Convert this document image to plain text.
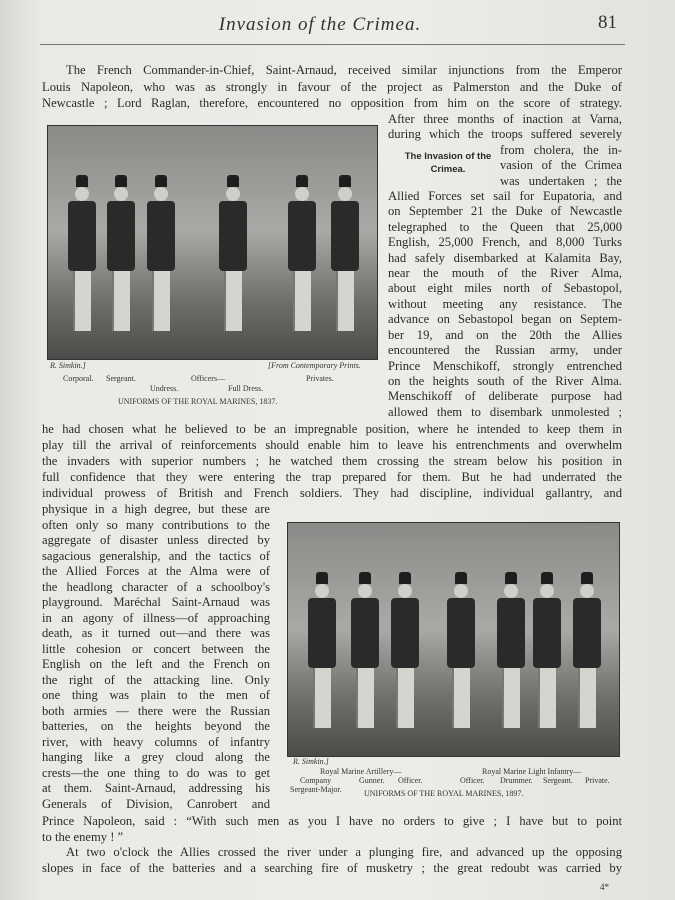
Invasion of the Crimea.	81
The French Commander-in-Chief, Saint-Arnaud, received similar injunctions from the Emperor
Louis Napoleon, who was as strongly in favour of the project as Palmerston and the Duke of
Newcastle ; Lord Raglan, therefore, encountered no opposition from him on the score of strategy.
After three months of inaction at Varna,
during which the troops suffered severely
from cholera, the in-
vasion of the Crimea
was undertaken ; the
Allied Forces set sail for Eupatoria, and
on September 21 the Duke of Newcastle
telegraphed to the Queen that 25,000
English, 25,000 French, and 8,000 Turks
had safely disembarked at Kalamita Bay,
near the mouth of the River Alma,
about eight miles north of Sebastopol,
without meeting any resistance. The
advance on Sebastopol began on Septem-
ber 19, and on the 20th the Allies
encountered the Russian army, under
Prince Menschikoff, strongly entrenched
on the heights south of the River Alma.
Menschikoff of deliberate purpose had
allowed them to disembark unmolested ;
The Invasion of the Crimea.
he had chosen what he believed to be an impregnable position, where he intended to keep them in
play till the arrival of reinforcements should enable him to leave his entrenchments and overwhelm
the invaders with superior numbers ; he watched them crossing the stream below his position in
full confidence that they were entering the trap prepared for them. But he had underrated the
individual prowess of British and French soldiers. They had discipline, individual gallantry, and
physique in a high degree, but these are
often only so many contributions to the
aggregate of disaster unless directed by
sagacious generalship, and the tactics of
the Allied Forces at the Alma were of
the headlong character of a schoolboy's
playground. Maréchal Saint-Arnaud was
in an agony of illness—of approaching
death, as it turned out—and there was
little cohesion or concert between the
English on the left and the French on
the right of the attacking line. Only
one thing was plain to the men of
both armies — there were the Russian
batteries, on the heights beyond the
river, with heavy columns of infantry
hanging like a grey cloud along the
crests—the one thing to do was to get
at them. Saint-Arnaud, addressing his
Generals of Division, Canrobert and
Prince Napoleon, said : “With such men as you I have no orders to give ; I have but to point
to the enemy ! ”
At two o'clock the Allies crossed the river under a plunging fire, and advanced up the opposing
slopes in face of the batteries and a searching fire of musketry ; the great redoubt was carried by
4*
R. Simkin.]	[From Contemporary Prints.
Corporal. Sergeant.
Undress.
Officers—
Full Dress.
Privates.
UNIFORMS OF THE ROYAL MARINES, 1837.
R. Simkin.]
Royal Marine Artillery—
Company
Sergeant-Major.
Gunner. Officer.
Royal Marine Light Infantry—
Officer. Drummer. Sergeant. Private.
UNIFORMS OF THE ROYAL MARINES, 1897.
